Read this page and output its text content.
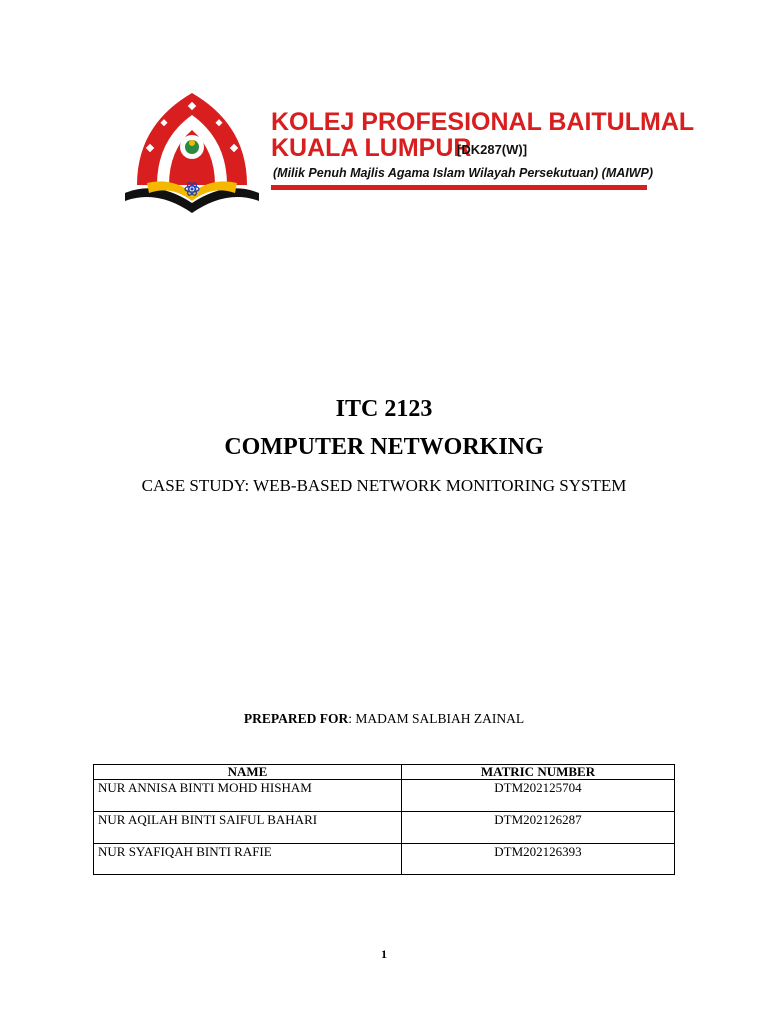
KOLEJ PROFESIONAL BAITULMAL
KUALA LUMPUR
[DK287(W)]
(Milik Penuh Majlis Agama Islam Wilayah Persekutuan) (MAIWP)
ITC 2123
COMPUTER NETWORKING
CASE STUDY: WEB-BASED NETWORK MONITORING SYSTEM
PREPARED FOR: MADAM SALBIAH ZAINAL
NAME	MATRIC NUMBER
NUR ANNISA BINTI MOHD HISHAM	DTM202125704
NUR AQILAH BINTI SAIFUL BAHARI	DTM202126287
NUR SYAFIQAH BINTI RAFIE	DTM202126393
1
